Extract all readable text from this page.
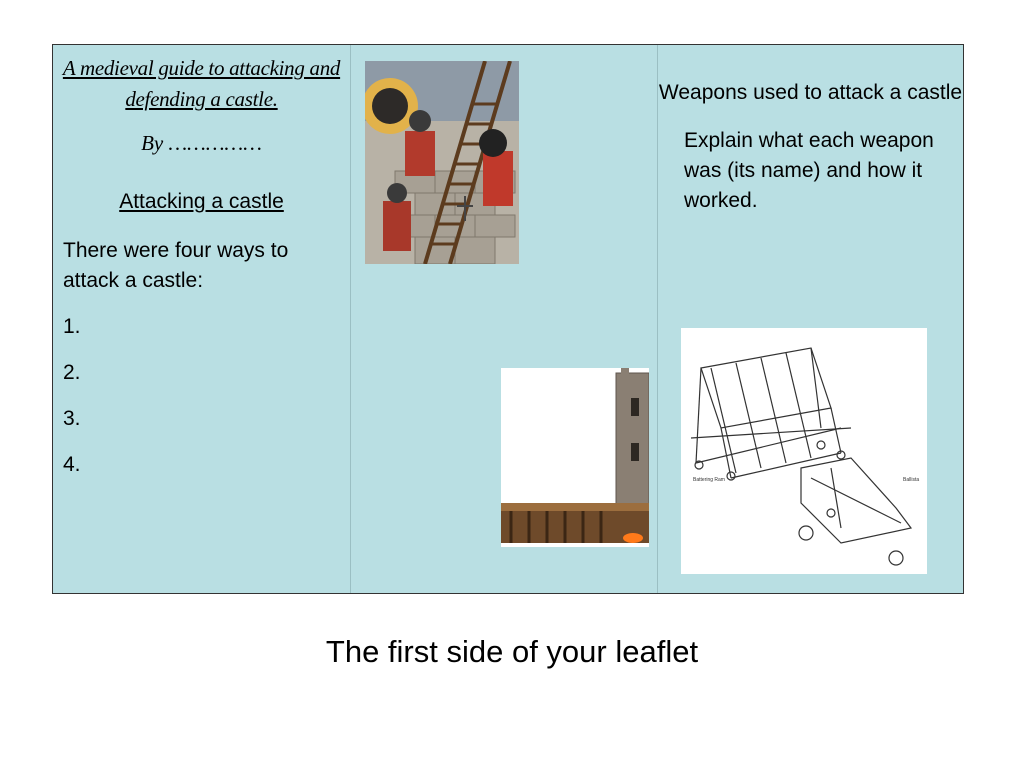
A medieval guide to attacking and defending a castle.
By ……………
Attacking a castle
There were four ways to attack a castle:
1.
2.
3.
4.
Weapons used to attack a castle
Explain what each weapon was (its name) and how it worked.
Battering Ram	Ballista
The first side of your leaflet
